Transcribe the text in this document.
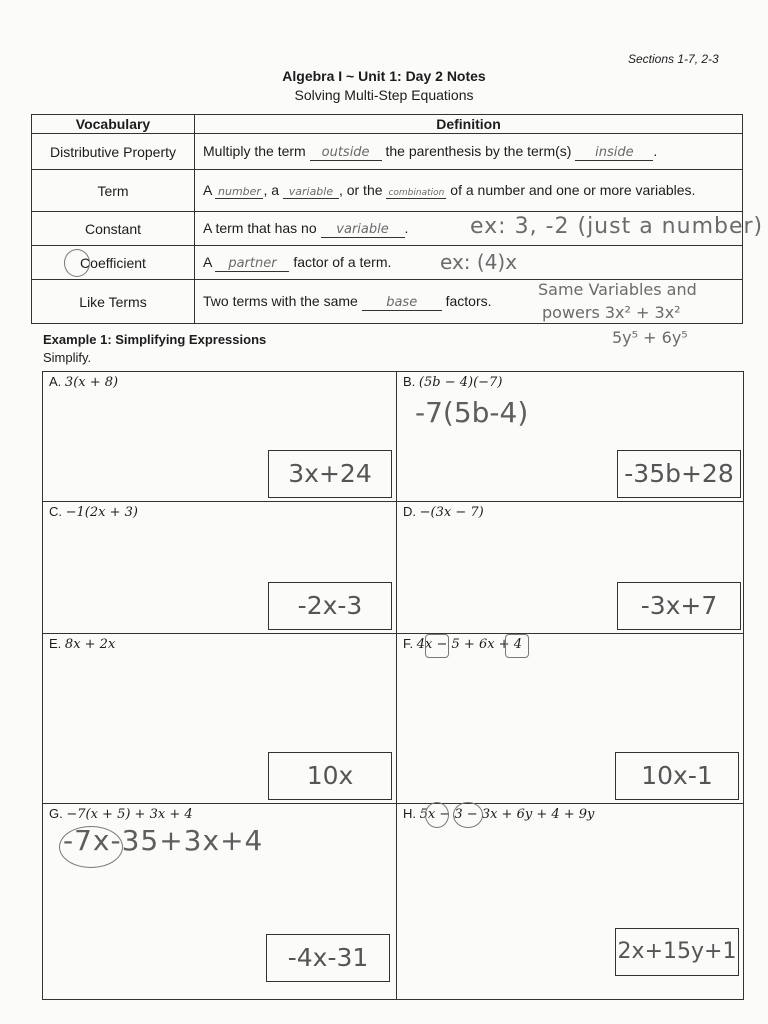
Sections 1-7, 2-3
Algebra I ~ Unit 1: Day 2 Notes
Solving Multi-Step Equations
Vocabulary	Definition
Distributive Property	Multiply the term outside the parenthesis by the term(s) inside .
Term	A number , a variable , or the combination of a number and one or more variables.
Constant	A term that has no variable .
Coefficient	A partner factor of a term.
Like Terms	Two terms with the same base factors.
ex: 3, -2 (just a number)
ex: (4)x
Same Variables and
powers 3x² + 3x²
5y⁵ + 6y⁵
Example 1: Simplifying Expressions
Simplify.
A. 3(x + 8)
3x+24
B. (5b − 4)(−7)
-7(5b-4)
-35b+28
C. −1(2x + 3)
-2x-3
D. −(3x − 7)
-3x+7
E. 8x + 2x
10x
F. 4x − 5 + 6x + 4
10x-1
G. −7(x + 5) + 3x + 4
-7x-35+3x+4
-4x-31
H. 5x − 3 − 3x + 6y + 4 + 9y
2x+15y+1
